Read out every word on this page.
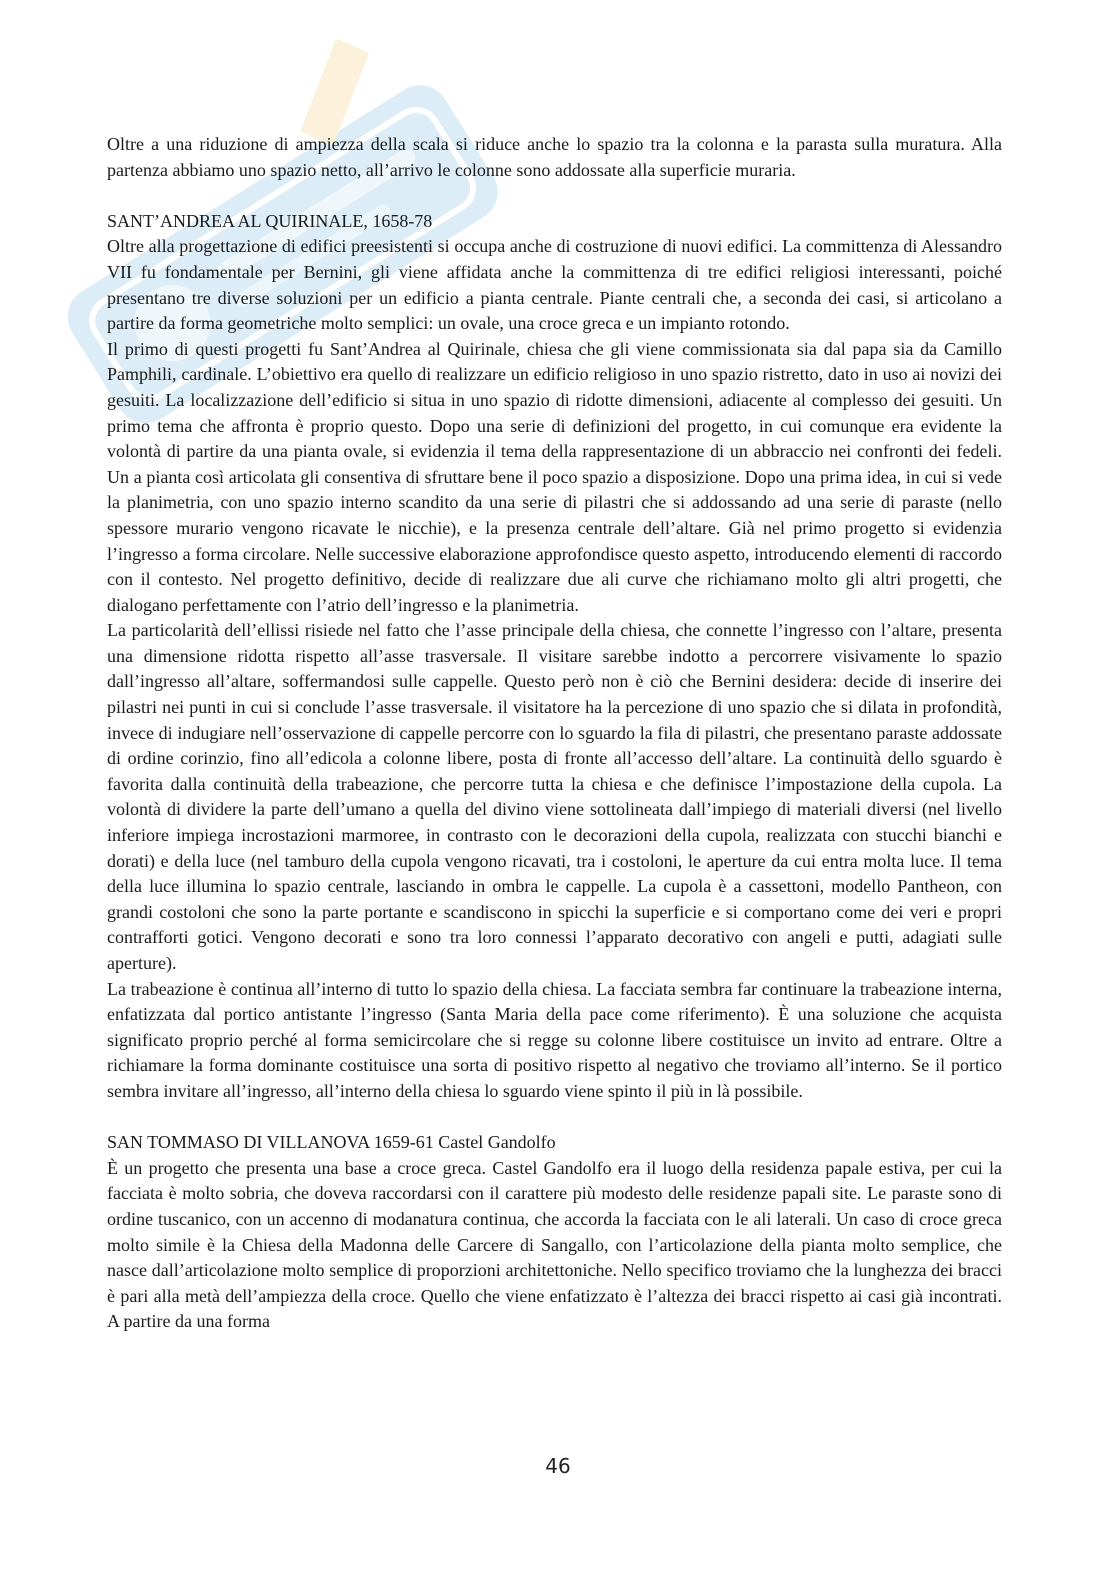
Oltre a una riduzione di ampiezza della scala si riduce anche lo spazio tra la colonna e la parasta sulla muratura. Alla partenza abbiamo uno spazio netto, all’arrivo le colonne sono addossate alla superficie muraria.

SANT’ANDREA AL QUIRINALE, 1658-78

Oltre alla progettazione di edifici preesistenti si occupa anche di costruzione di nuovi edifici. La committenza di Alessandro VII fu fondamentale per Bernini, gli viene affidata anche la committenza di tre edifici religiosi interessanti, poiché presentano tre diverse soluzioni per un edificio a pianta centrale. Piante centrali che, a seconda dei casi, si articolano a partire da forma geometriche molto semplici: un ovale, una croce greca e un impianto rotondo.

Il primo di questi progetti fu Sant’Andrea al Quirinale, chiesa che gli viene commissionata sia dal papa sia da Camillo Pamphili, cardinale. L’obiettivo era quello di realizzare un edificio religioso in uno spazio ristretto, dato in uso ai novizi dei gesuiti. La localizzazione dell’edificio si situa in uno spazio di ridotte dimensioni, adiacente al complesso dei gesuiti. Un primo tema che affronta è proprio questo. Dopo una serie di definizioni del progetto, in cui comunque era evidente la volontà di partire da una pianta ovale, si evidenzia il tema della rappresentazione di un abbraccio nei confronti dei fedeli. Un a pianta così articolata gli consentiva di sfruttare bene il poco spazio a disposizione. Dopo una prima idea, in cui si vede la planimetria, con uno spazio interno scandito da una serie di pilastri che si addossando ad una serie di paraste (nello spessore murario vengono ricavate le nicchie), e la presenza centrale dell’altare. Già nel primo progetto si evidenzia l’ingresso a forma circolare. Nelle successive elaborazione approfondisce questo aspetto, introducendo elementi di raccordo con il contesto. Nel progetto definitivo, decide di realizzare due ali curve che richiamano molto gli altri progetti, che dialogano perfettamente con l’atrio dell’ingresso e la planimetria.

La particolarità dell’ellissi risiede nel fatto che l’asse principale della chiesa, che connette l’ingresso con l’altare, presenta una dimensione ridotta rispetto all’asse trasversale. Il visitare sarebbe indotto a percorrere visivamente lo spazio dall’ingresso all’altare, soffermandosi sulle cappelle. Questo però non è ciò che Bernini desidera: decide di inserire dei pilastri nei punti in cui si conclude l’asse trasversale. il visitatore ha la percezione di uno spazio che si dilata in profondità, invece di indugiare nell’osservazione di cappelle percorre con lo sguardo la fila di pilastri, che presentano paraste addossate di ordine corinzio, fino all’edicola a colonne libere, posta di fronte all’accesso dell’altare. La continuità dello sguardo è favorita dalla continuità della trabeazione, che percorre tutta la chiesa e che definisce l’impostazione della cupola. La volontà di dividere la parte dell’umano a quella del divino viene sottolineata dall’impiego di materiali diversi (nel livello inferiore impiega incrostazioni marmoree, in contrasto con le decorazioni della cupola, realizzata con stucchi bianchi e dorati) e della luce (nel tamburo della cupola vengono ricavati, tra i costoloni, le aperture da cui entra molta luce. Il tema della luce illumina lo spazio centrale, lasciando in ombra le cappelle. La cupola è a cassettoni, modello Pantheon, con grandi costoloni che sono la parte portante e scandiscono in spicchi la superficie e si comportano come dei veri e propri contrafforti gotici. Vengono decorati e sono tra loro connessi l’apparato decorativo con angeli e putti, adagiati sulle aperture).

La trabeazione è continua all’interno di tutto lo spazio della chiesa. La facciata sembra far continuare la trabeazione interna, enfatizzata dal portico antistante l’ingresso (Santa Maria della pace come riferimento). È una soluzione che acquista significato proprio perché al forma semicircolare che si regge su colonne libere costituisce un invito ad entrare. Oltre a richiamare la forma dominante costituisce una sorta di positivo rispetto al negativo che troviamo all’interno. Se il portico sembra invitare all’ingresso, all’interno della chiesa lo sguardo viene spinto il più in là possibile.

SAN TOMMASO DI VILLANOVA 1659-61 Castel Gandolfo

È un progetto che presenta una base a croce greca. Castel Gandolfo era il luogo della residenza papale estiva, per cui la facciata è molto sobria, che doveva raccordarsi con il carattere più modesto delle residenze papali site. Le paraste sono di ordine tuscanico, con un accenno di modanatura continua, che accorda la facciata con le ali laterali. Un caso di croce greca molto simile è la Chiesa della Madonna delle Carcere di Sangallo, con l’articolazione della pianta molto semplice, che nasce dall’articolazione molto semplice di proporzioni architettoniche. Nello specifico troviamo che la lunghezza dei bracci è pari alla metà dell’ampiezza della croce. Quello che viene enfatizzato è l’altezza dei bracci rispetto ai casi già incontrati. A partire da una forma

46
